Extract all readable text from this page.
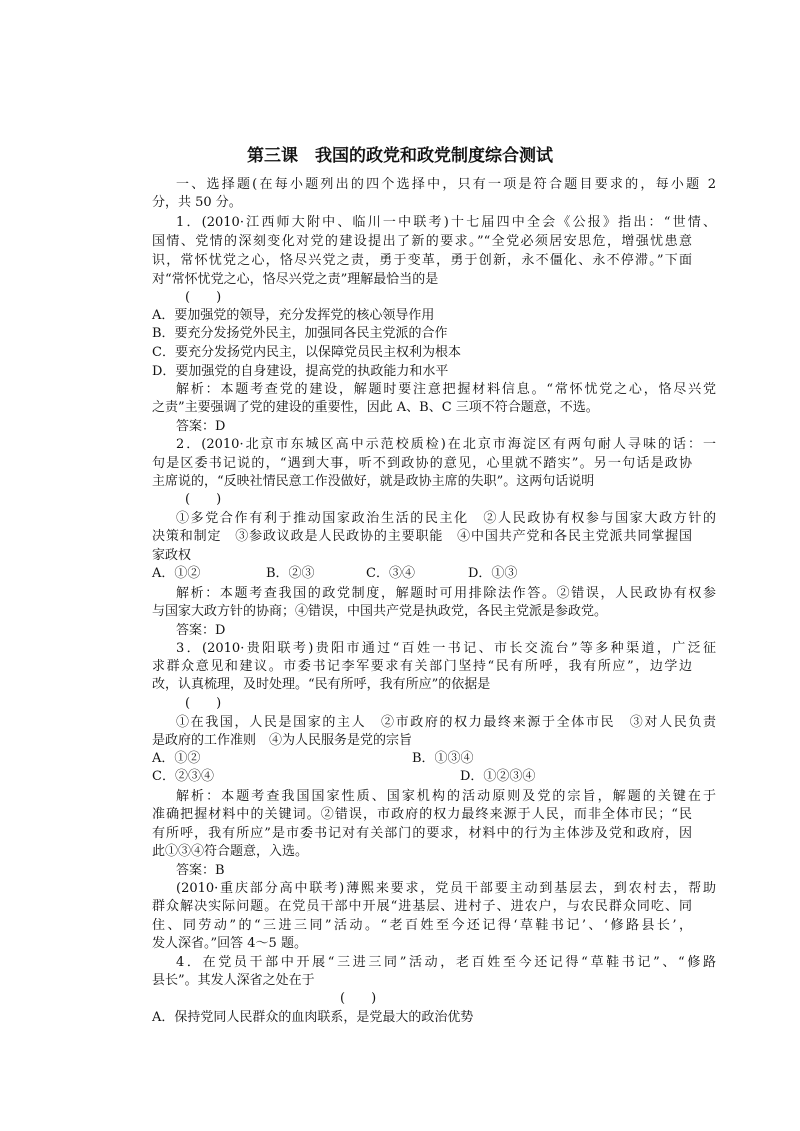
第三课　我国的政党和政党制度综合测试
一、选择题(在每小题列出的四个选择中，只有一项是符合题目要求的，每小题 2
分，共 50 分。
1．(2010·江西师大附中、临川一中联考)十七届四中全会《公报》指出：“世情、
国情、党情的深刻变化对党的建设提出了新的要求。”“全党必须居安思危，增强忧患意
识，常怀忧党之心，恪尽兴党之责，勇于变革，勇于创新，永不僵化、永不停滞。”下面
对“常怀忧党之心，恪尽兴党之责”理解最恰当的是
(　　)
A．要加强党的领导，充分发挥党的核心领导作用
B．要充分发扬党外民主，加强同各民主党派的合作
C．要充分发扬党内民主，以保障党员民主权利为根本
D．要加强党的自身建设，提高党的执政能力和水平
解析：本题考查党的建设，解题时要注意把握材料信息。“常怀忧党之心，恪尽兴党
之责”主要强调了党的建设的重要性，因此 A、B、C 三项不符合题意，不选。
答案：D
2．(2010·北京市东城区高中示范校质检)在北京市海淀区有两句耐人寻味的话：一
句是区委书记说的，“遇到大事，听不到政协的意见，心里就不踏实”。另一句话是政协
主席说的，“反映社情民意工作没做好，就是政协主席的失职”。这两句话说明
(　　)
①多党合作有利于推动国家政治生活的民主化　②人民政协有权参与国家大政方针的
决策和制定　③参政议政是人民政协的主要职能　④中国共产党和各民主党派共同掌握国
家政权
A．①②	B．②③	C．③④	D．①③
解析：本题考查我国的政党制度，解题时可用排除法作答。②错误，人民政协有权参
与国家大政方针的协商；④错误，中国共产党是执政党，各民主党派是参政党。
答案：D
3．(2010·贵阳联考)贵阳市通过“百姓一书记、市长交流台”等多种渠道，广泛征
求群众意见和建议。市委书记李军要求有关部门坚持“民有所呼，我有所应”，边学边
改，认真梳理，及时处理。“民有所呼，我有所应”的依据是
(　　)
①在我国，人民是国家的主人　②市政府的权力最终来源于全体市民　③对人民负责
是政府的工作准则　④为人民服务是党的宗旨
A．①②	B．①③④
C．②③④	D．①②③④
解析：本题考查我国国家性质、国家机构的活动原则及党的宗旨，解题的关键在于
准确把握材料中的关键词。②错误，市政府的权力最终来源于人民，而非全体市民；“民
有所呼，我有所应”是市委书记对有关部门的要求，材料中的行为主体涉及党和政府，因
此①③④符合题意，入选。
答案：B
(2010·重庆部分高中联考)薄熙来要求，党员干部要主动到基层去，到农村去，帮助
群众解决实际问题。在党员干部中开展“进基层、进村子、进农户，与农民群众同吃、同
住、同劳动”的“三进三同”活动。“老百姓至今还记得‘草鞋书记’、‘修路县长’，
发人深省。”回答 4～5 题。
4．在党员干部中开展“三进三同”活动，老百姓至今还记得“草鞋书记”、“修路
县长”。其发人深省之处在于
(　　)
A．保持党同人民群众的血肉联系，是党最大的政治优势
